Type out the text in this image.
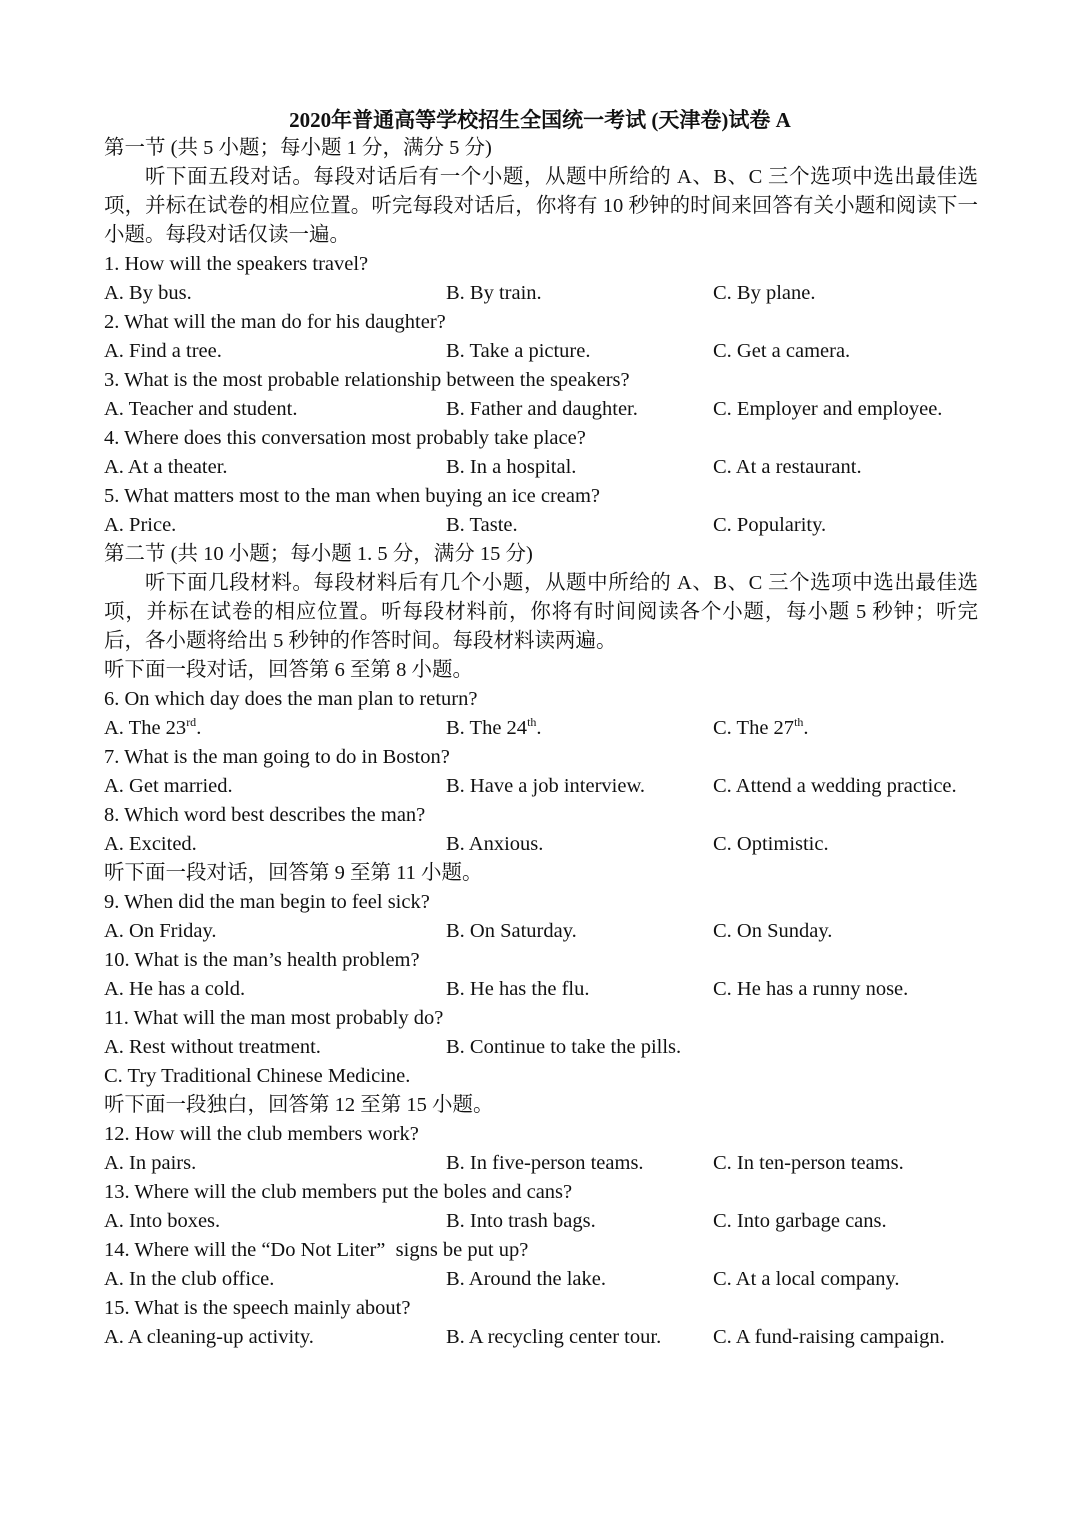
2020年普通高等学校招生全国统一考试 (天津卷)试卷 A
第一节 (共 5 小题；每小题 1 分，满分 5 分)
听下面五段对话。每段对话后有一个小题，从题中所给的 A、B、C 三个选项中选出最佳选项，并标在试卷的相应位置。听完每段对话后，你将有 10 秒钟的时间来回答有关小题和阅读下一小题。每段对话仅读一遍。
1. How will the speakers travel?
A. By bus.	B. By train.	C. By plane.
2. What will the man do for his daughter?
A. Find a tree.	B. Take a picture.	C. Get a camera.
3. What is the most probable relationship between the speakers?
A. Teacher and student.	B. Father and daughter.	C. Employer and employee.
4. Where does this conversation most probably take place?
A. At a theater.	B. In a hospital.	C. At a restaurant.
5. What matters most to the man when buying an ice cream?
A. Price.	B. Taste.	C. Popularity.
第二节 (共 10 小题；每小题 1. 5 分，满分 15 分)
听下面几段材料。每段材料后有几个小题，从题中所给的 A、B、C 三个选项中选出最佳选项，并标在试卷的相应位置。听每段材料前，你将有时间阅读各个小题，每小题 5 秒钟；听完后，各小题将给出 5 秒钟的作答时间。每段材料读两遍。
听下面一段对话，回答第 6 至第 8 小题。
6. On which day does the man plan to return?
A. The 23rd.	B. The 24th.	C. The 27th.
7. What is the man going to do in Boston?
A. Get married.	B. Have a job interview.	C. Attend a wedding practice.
8. Which word best describes the man?
A. Excited.	B. Anxious.	C. Optimistic.
听下面一段对话，回答第 9 至第 11 小题。
9. When did the man begin to feel sick?
A. On Friday.	B. On Saturday.	C. On Sunday.
10. What is the man’s health problem?
A. He has a cold.	B. He has the flu.	C. He has a runny nose.
11. What will the man most probably do?
A. Rest without treatment.	B. Continue to take the pills.
C. Try Traditional Chinese Medicine.
听下面一段独白，回答第 12 至第 15 小题。
12. How will the club members work?
A. In pairs.	B. In five-person teams.	C. In ten-person teams.
13. Where will the club members put the boles and cans?
A. Into boxes.	B. Into trash bags.	C. Into garbage cans.
14. Where will the “Do Not Liter”  signs be put up?
A. In the club office.	B. Around the lake.	C. At a local company.
15. What is the speech mainly about?
A. A cleaning-up activity.	B. A recycling center tour.	C. A fund-raising campaign.
